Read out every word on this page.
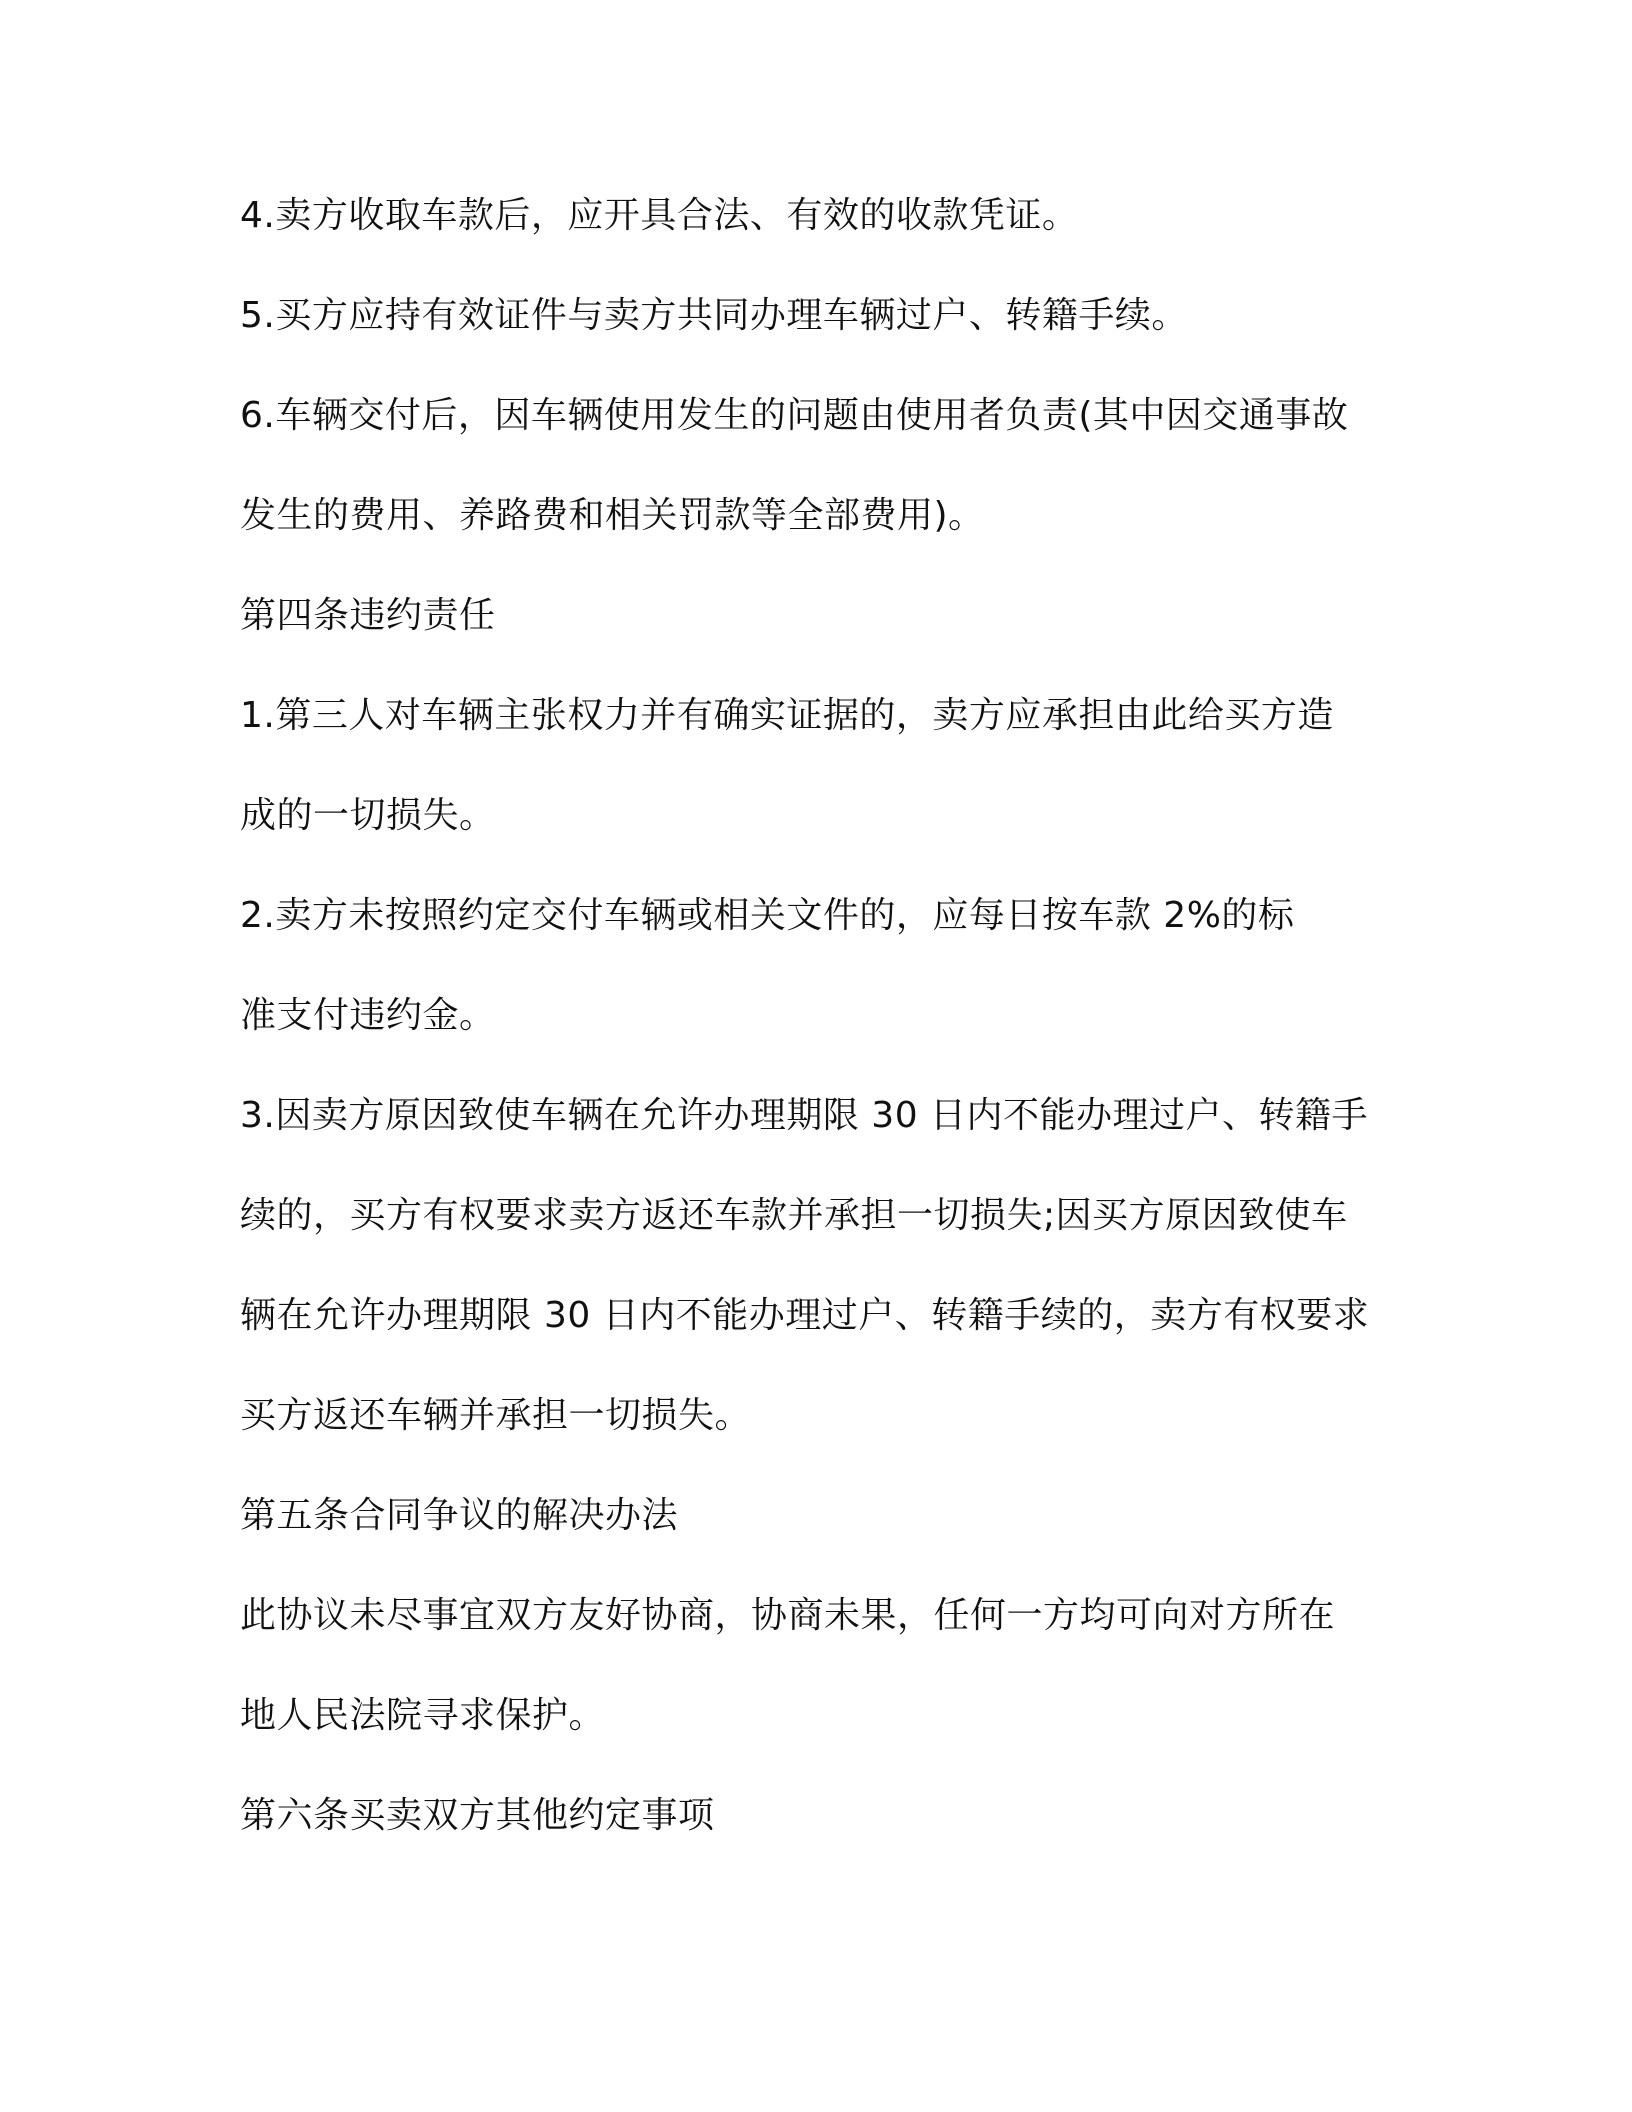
4.卖方收取车款后，应开具合法、有效的收款凭证。
5.买方应持有效证件与卖方共同办理车辆过户、转籍手续。
6.车辆交付后，因车辆使用发生的问题由使用者负责(其中因交通事故
发生的费用、养路费和相关罚款等全部费用)。
第四条违约责任
1.第三人对车辆主张权力并有确实证据的，卖方应承担由此给买方造
成的一切损失。
2.卖方未按照约定交付车辆或相关文件的，应每日按车款 2%的标
准支付违约金。
3.因卖方原因致使车辆在允许办理期限 30 日内不能办理过户、转籍手
续的，买方有权要求卖方返还车款并承担一切损失;因买方原因致使车
辆在允许办理期限 30 日内不能办理过户、转籍手续的，卖方有权要求
买方返还车辆并承担一切损失。
第五条合同争议的解决办法
此协议未尽事宜双方友好协商，协商未果，任何一方均可向对方所在
地人民法院寻求保护。
第六条买卖双方其他约定事项
